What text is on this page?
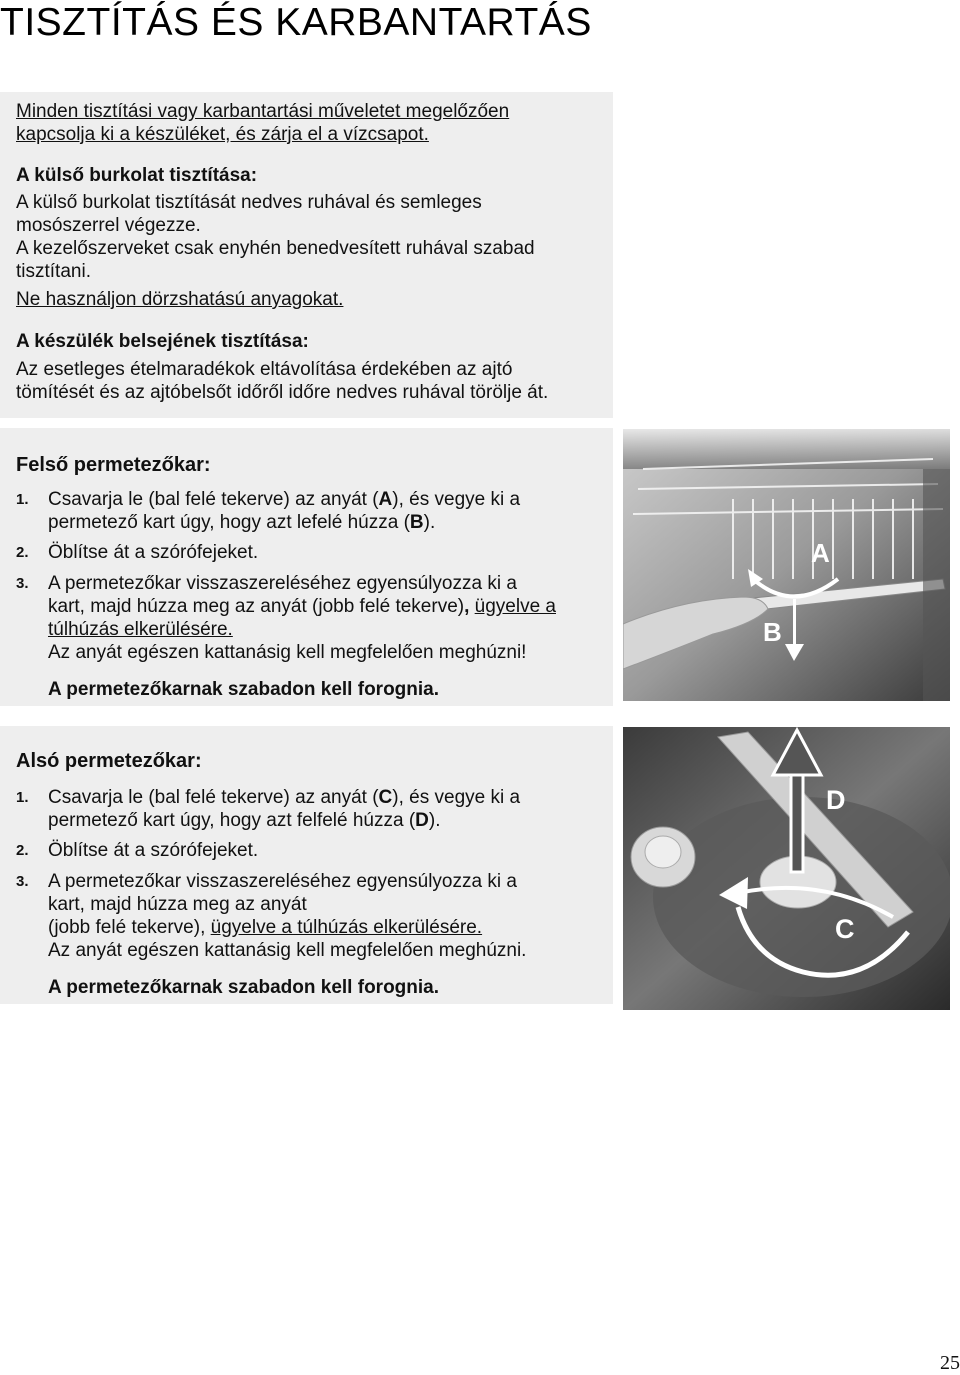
TISZTÍTÁS ÉS KARBANTARTÁS

Minden tisztítási vagy karbantartási műveletet megelőzően

kapcsolja ki a készüléket, és zárja el a vízcsapot.

A külső burkolat tisztítása:

A külső burkolat tisztítását nedves ruhával és semleges

mosószerrel végezze.

A kezelőszerveket csak enyhén benedvesített ruhával szabad

tisztítani.

Ne használjon dörzshatású anyagokat.

A készülék belsejének tisztítása:

Az esetleges ételmaradékok eltávolítása érdekében az ajtó

tömítését és az ajtóbelsőt időről időre nedves ruhával törölje át.

Felső permetezőkar:

1. Csavarja le (bal felé tekerve) az anyát (A), és vegye ki a
permetező kart úgy, hogy azt lefelé húzza (B).
2. Öblítse át a szórófejeket.
3. A permetezőkar visszaszereléséhez egyensúlyozza ki a
kart, majd húzza meg az anyát (jobb felé tekerve), ügyelve a
túlhúzás elkerülésére.
Az anyát egészen kattanásig kell megfelelően meghúzni!
A permetezőkarnak szabadon kell forognia.
A
B

Alsó permetezőkar:

1. Csavarja le (bal felé tekerve) az anyát (C), és vegye ki a
permetező kart úgy, hogy azt felfelé húzza (D).
2. Öblítse át a szórófejeket.
3. A permetezőkar visszaszereléséhez egyensúlyozza ki a
kart, majd húzza meg az anyát
(jobb felé tekerve), ügyelve a túlhúzás elkerülésére.
Az anyát egészen kattanásig kell megfelelően meghúzni.
A permetezőkarnak szabadon kell forognia.
D
C
25
